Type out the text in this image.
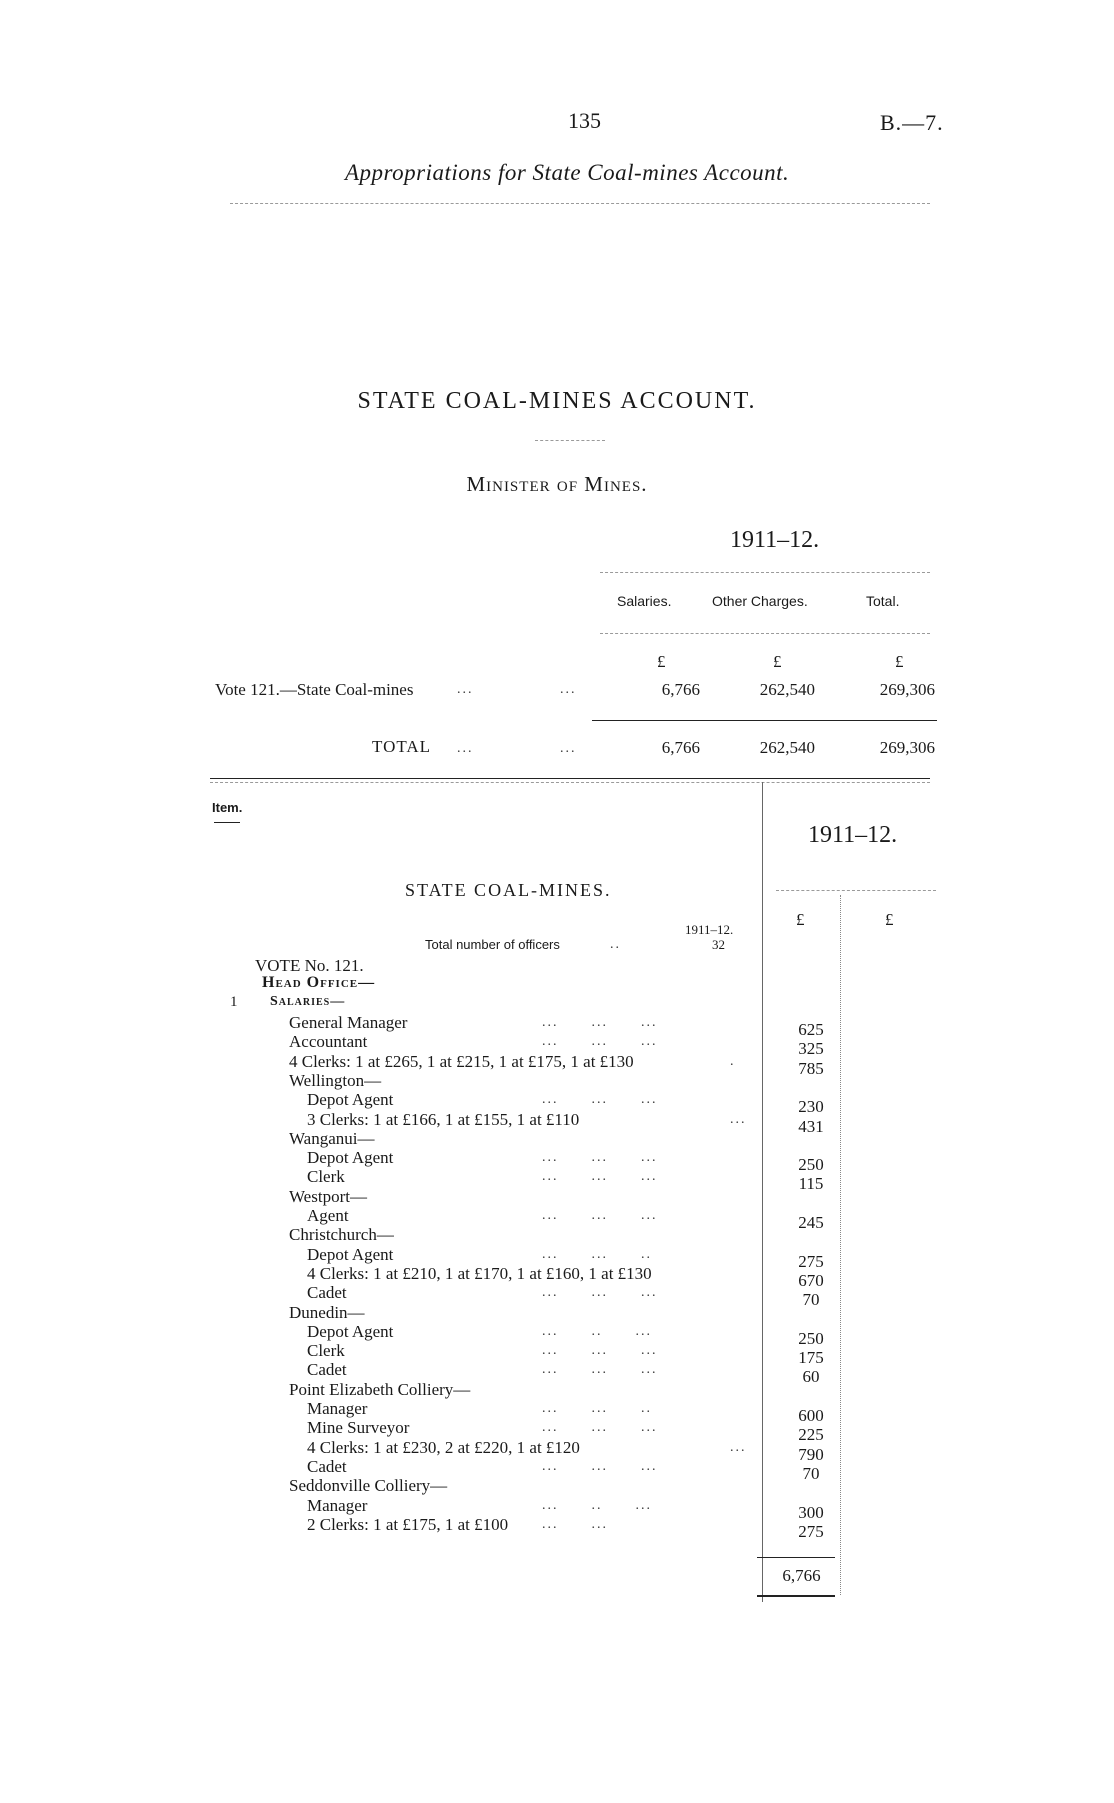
135	B.—7.
Appropriations for State Coal-mines Account.
STATE COAL-MINES ACCOUNT.
Minister of Mines.
1911–12.
Salaries.	Other Charges.	Total.
£	£	£
Vote 121.—State Coal-mines	...	...	6,766	262,540	269,306
TOTAL ...	...	6,766	262,540	269,306
Item.
1911–12.
STATE COAL-MINES.
£	£
1911–12.
Total number of officers	..	32
VOTE No. 121.
Head Office—
1 Salaries—
General Manager	...      ...      ...	625
Accountant	...      ...      ...	325
4 Clerks: 1 at £265, 1 at £215, 1 at £175, 1 at £130	.	785
Wellington—
Depot Agent	...      ...      ...	230
3 Clerks: 1 at £166, 1 at £155, 1 at £110	...	431
Wanganui—
Depot Agent	...      ...      ...	250
Clerk	...      ...      ...	115
Westport—
Agent	...      ...      ...	245
Christchurch—
Depot Agent	...      ...      ..	275
4 Clerks: 1 at £210, 1 at £170, 1 at £160, 1 at £130	670
Cadet	...      ...      ...	70
Dunedin—
Depot Agent	...      ..      ...	250
Clerk	...      ...      ...	175
Cadet	...      ...      ...	60
Point Elizabeth Colliery—
Manager	...      ...      ..	600
Mine Surveyor	...      ...      ...	225
4 Clerks: 1 at £230, 2 at £220, 1 at £120	...	790
Cadet	...      ...      ...	70
Seddonville Colliery—
Manager	...      ..      ...	300
2 Clerks: 1 at £175, 1 at £100 ...      ...	275
6,766
